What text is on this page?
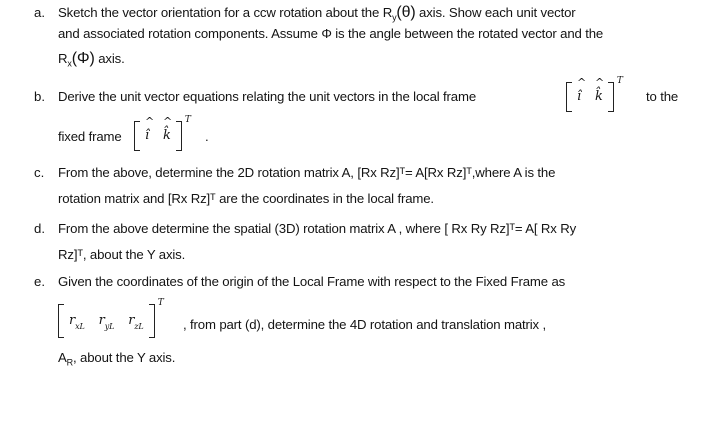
a. Sketch the vector orientation for a ccw rotation about the $R_y(\theta)$ axis. Show each unit vector
and associated rotation components. Assume Φ is the angle between the rotated vector and the
$R_x(\Phi)$ axis.
b. Derive the unit vector equations relating the unit vectors in the local frame	^ î ^ k̂
T
to the
fixed frame	^ î ^ k̂
T
.
c. From the above, determine the 2D rotation matrix A, [Rx Rz]ᵀ= A[Rx Rz]ᵀ,where A is the
rotation matrix and [Rx Rz]ᵀ are the coordinates in the local frame.
d. From the above determine the spatial (3D) rotation matrix A , where [ Rx Ry Rz]ᵀ= A[ Rx Ry
Rz]ᵀ, about the Y axis.
e. Given the coordinates of the origin of the Local Frame with respect to the Fixed Frame as
$r_{xL}$ $r_{yL}$ $r_{zL}$
T
, from part (d), determine the 4D rotation and translation matrix ,
$A_R$, about the Y axis.
